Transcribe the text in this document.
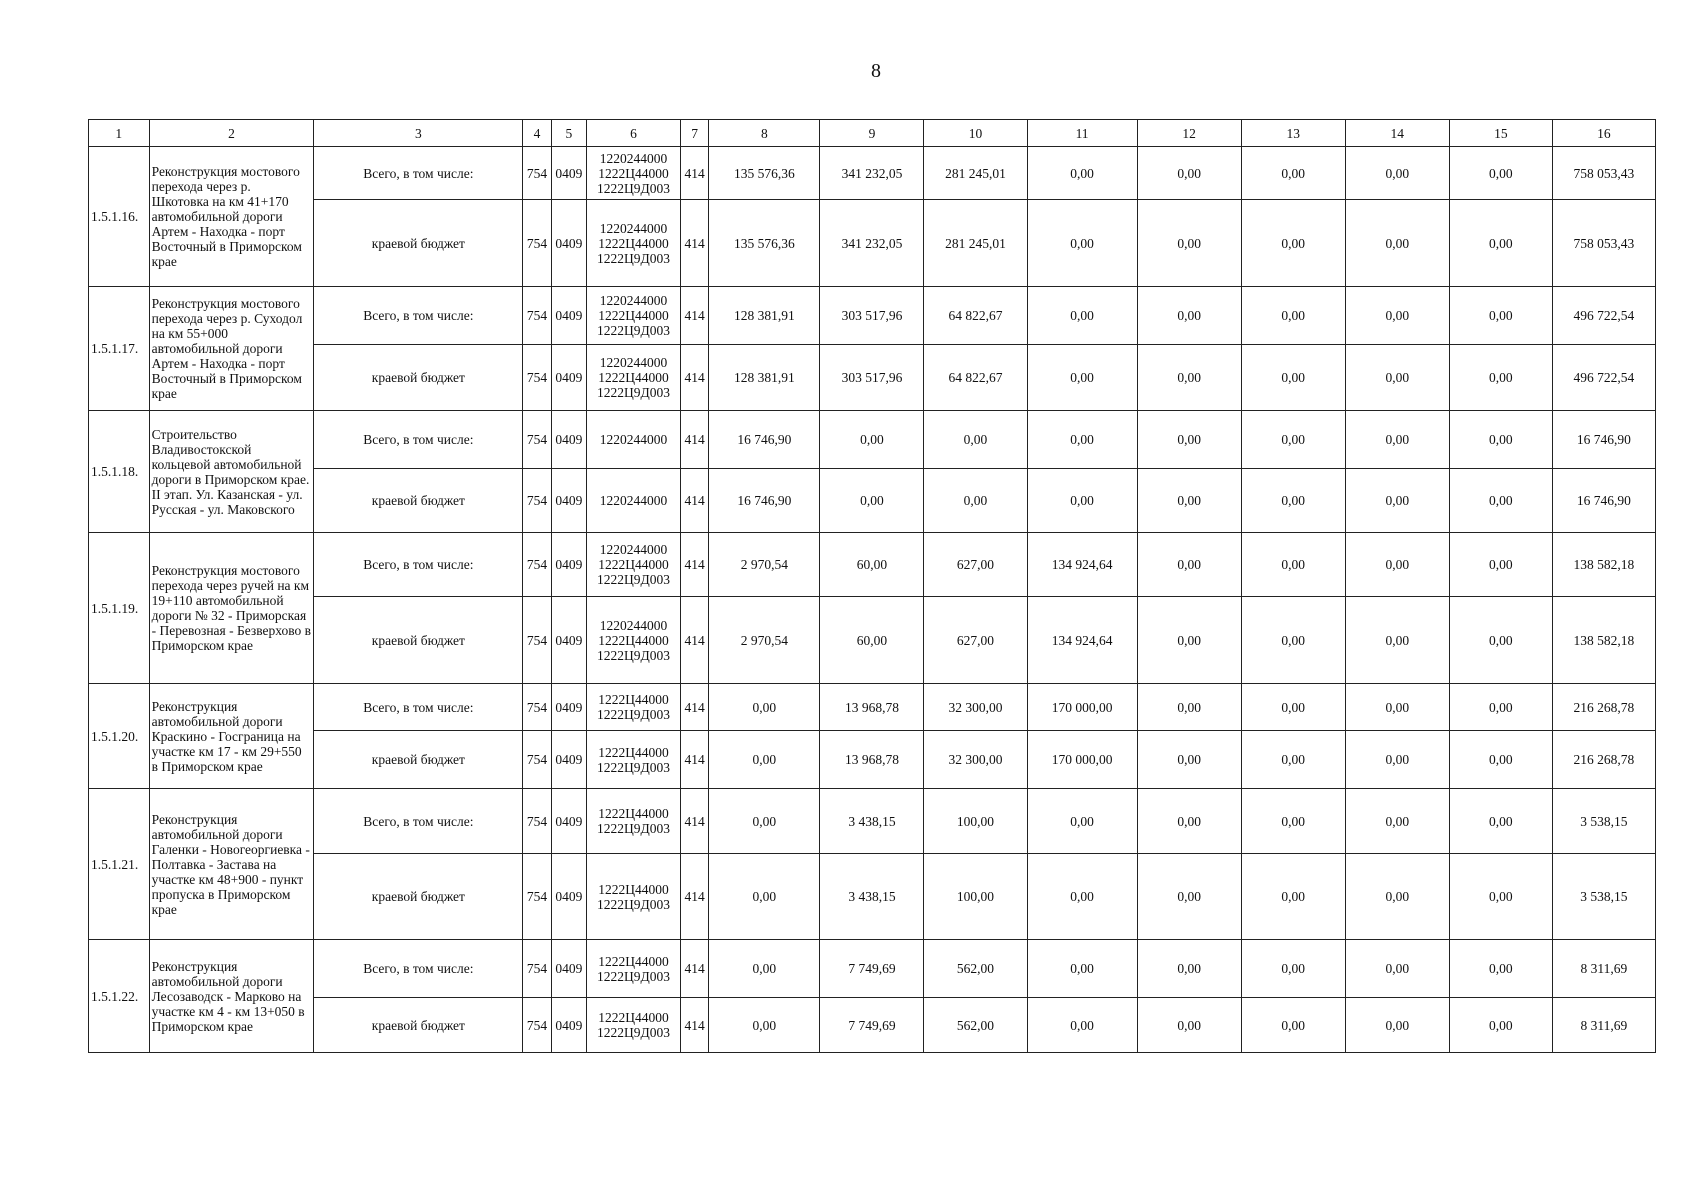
8
1	2	3	4	5	6	7	8	9	10	11	12	13	14	15	16
1.5.1.16.	Реконструкция мостового перехода через р. Шкотовка на км 41+170 автомобильной дороги Артем - Находка - порт Восточный в Приморском крае	Всего, в том числе:	754	0409	1220244000
1222Ц44000
1222Ц9Д003	414	135 576,36	341 232,05	281 245,01	0,00	0,00	0,00	0,00	0,00	758 053,43
		краевой бюджет	754	0409	1220244000
1222Ц44000
1222Ц9Д003	414	135 576,36	341 232,05	281 245,01	0,00	0,00	0,00	0,00	0,00	758 053,43
1.5.1.17.	Реконструкция мостового перехода через р. Суходол на км 55+000 автомобильной дороги Артем - Находка - порт Восточный в Приморском крае	Всего, в том числе:	754	0409	1220244000
1222Ц44000
1222Ц9Д003	414	128 381,91	303 517,96	64 822,67	0,00	0,00	0,00	0,00	0,00	496 722,54
		краевой бюджет	754	0409	1220244000
1222Ц44000
1222Ц9Д003	414	128 381,91	303 517,96	64 822,67	0,00	0,00	0,00	0,00	0,00	496 722,54
1.5.1.18.	Строительство Владивостокской кольцевой автомобильной дороги в Приморском крае. II этап. Ул. Казанская - ул. Русская - ул. Маковского	Всего, в том числе:	754	0409	1220244000	414	16 746,90	0,00	0,00	0,00	0,00	0,00	0,00	0,00	16 746,90
		краевой бюджет	754	0409	1220244000	414	16 746,90	0,00	0,00	0,00	0,00	0,00	0,00	0,00	16 746,90
1.5.1.19.	Реконструкция мостового перехода через ручей на км 19+110 автомобильной дороги № 32 - Приморская - Перевозная - Безверхово в Приморском крае	Всего, в том числе:	754	0409	1220244000
1222Ц44000
1222Ц9Д003	414	2 970,54	60,00	627,00	134 924,64	0,00	0,00	0,00	0,00	138 582,18
		краевой бюджет	754	0409	1220244000
1222Ц44000
1222Ц9Д003	414	2 970,54	60,00	627,00	134 924,64	0,00	0,00	0,00	0,00	138 582,18
1.5.1.20.	Реконструкция автомобильной дороги Краскино - Госграница на участке км 17 - км 29+550 в Приморском крае	Всего, в том числе:	754	0409	1222Ц44000
1222Ц9Д003	414	0,00	13 968,78	32 300,00	170 000,00	0,00	0,00	0,00	0,00	216 268,78
		краевой бюджет	754	0409	1222Ц44000
1222Ц9Д003	414	0,00	13 968,78	32 300,00	170 000,00	0,00	0,00	0,00	0,00	216 268,78
1.5.1.21.	Реконструкция автомобильной дороги Галенки - Новогеоргиевка - Полтавка - Застава на участке км 48+900 - пункт пропуска в Приморском крае	Всего, в том числе:	754	0409	1222Ц44000
1222Ц9Д003	414	0,00	3 438,15	100,00	0,00	0,00	0,00	0,00	0,00	3 538,15
		краевой бюджет	754	0409	1222Ц44000
1222Ц9Д003	414	0,00	3 438,15	100,00	0,00	0,00	0,00	0,00	0,00	3 538,15
1.5.1.22.	Реконструкция автомобильной дороги Лесозаводск - Марково на участке км 4 - км 13+050 в Приморском крае	Всего, в том числе:	754	0409	1222Ц44000
1222Ц9Д003	414	0,00	7 749,69	562,00	0,00	0,00	0,00	0,00	0,00	8 311,69
		краевой бюджет	754	0409	1222Ц44000
1222Ц9Д003	414	0,00	7 749,69	562,00	0,00	0,00	0,00	0,00	0,00	8 311,69
